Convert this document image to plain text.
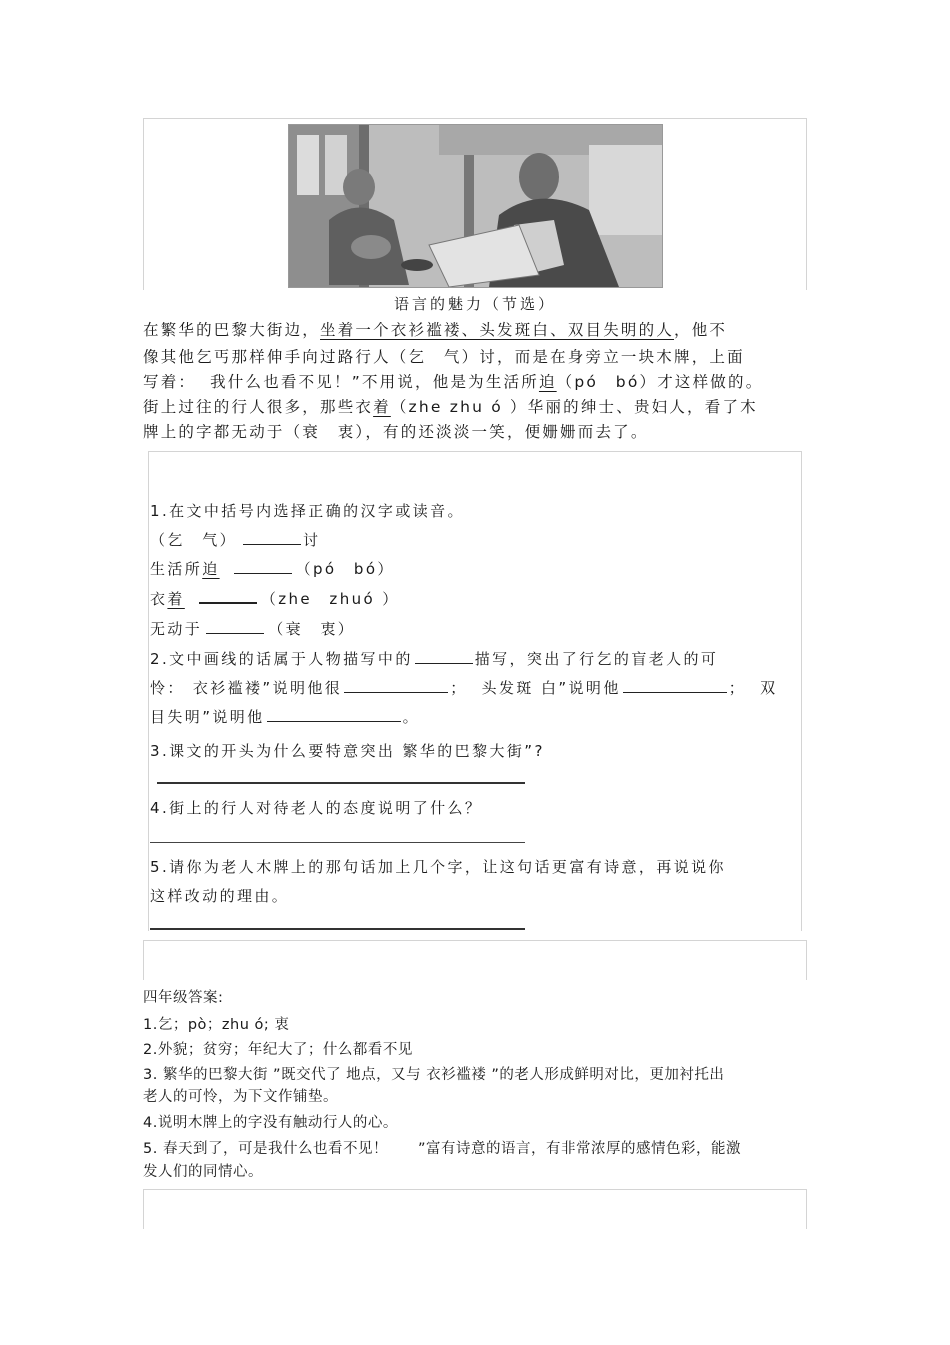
语言的魅力（节选）
在繁华的巴黎大街边，坐着一个衣衫褴褛、头发斑白、双目失明的人，他不
像其他乞丐那样伸手向过路行人（乞　气）讨，而是在身旁立一块木牌，上面
写着： 我什么也看不见！”不用说，他是为生活所迫（pó　bó）才这样做的。
街上过往的行人很多，那些衣着（zhe zhu ó ）华丽的绅士、贵妇人，看了木
牌上的字都无动于（衰　衷），有的还淡淡一笑，便姗姗而去了。
1.在文中括号内选择正确的汉字或读音。
（乞　气）	讨
生活所迫	（pó　bó）
衣着	（zhe　zhuó ）
无动于	（衰　衷）
2.文中画线的话属于人物描写中的	描写，突出了行乞的盲老人的可
怜： 衣衫褴褛”说明他很	； 头发斑 白”说明他	； 双
目失明”说明他	。
3.课文的开头为什么要特意突出 繁华的巴黎大街”?
4.街上的行人对待老人的态度说明了什么？
5.请你为老人木牌上的那句话加上几个字，让这句话更富有诗意，再说说你
这样改动的理由。
四年级答案:
1.乞；pò；zhu ó; 衷
2.外貌；贫穷；年纪大了；什么都看不见
3. 繁华的巴黎大街 ”既交代了 地点，又与 衣衫褴褛 ”的老人形成鲜明对比，更加衬托出
老人的可怜，为下文作铺垫。
4.说明木牌上的字没有触动行人的心。
5. 春天到了，可是我什么也看不见！　　”富有诗意的语言，有非常浓厚的感情色彩，能激
发人们的同情心。
